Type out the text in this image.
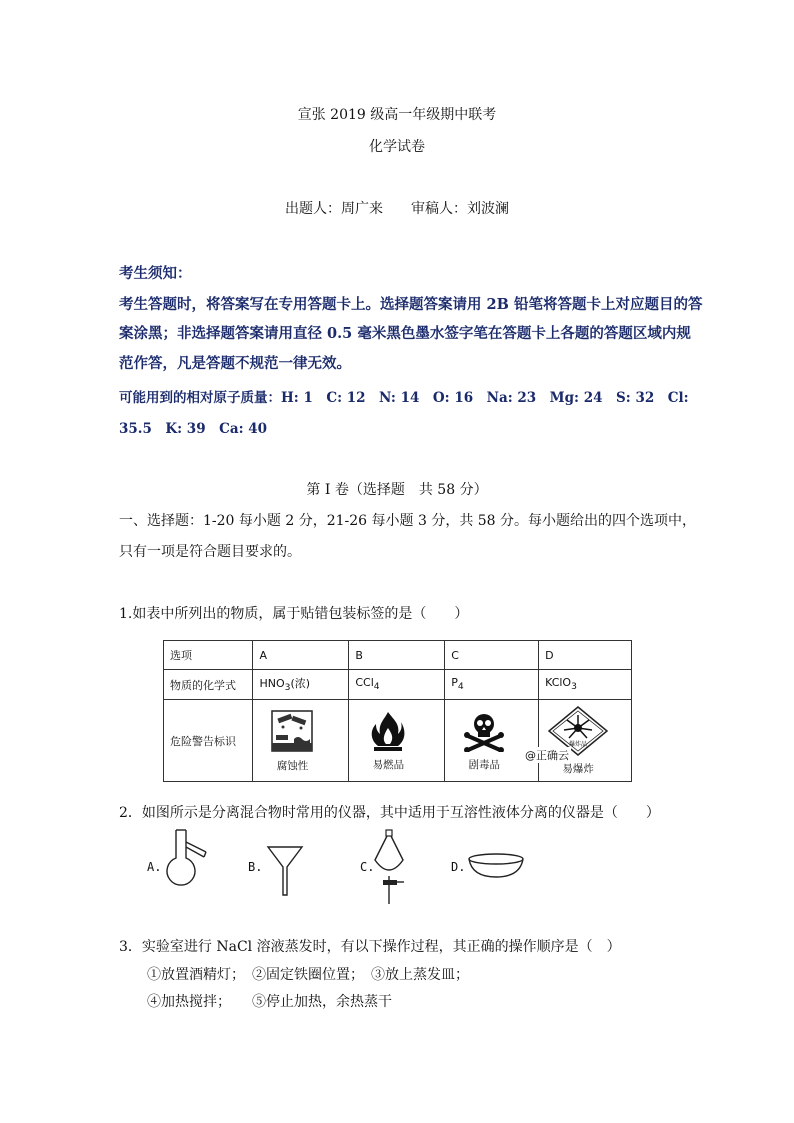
宣张 2019 级高一年级期中联考
化学试卷
出题人：周广来　　审稿人：刘波澜
考生须知：
考生答题时，将答案写在专用答题卡上。选择题答案请用 2B 铅笔将答题卡上对应题目的答
案涂黑；非选择题答案请用直径 0.5 毫米黑色墨水签字笔在答题卡上各题的答题区域内规
范作答，凡是答题不规范一律无效。
可能用到的相对原子质量：H: 1　C: 12　N: 14　O: 16　Na: 23　Mg: 24　S: 32　Cl:
35.5　K: 39　Ca: 40
第 I 卷（选择题　共 58 分）
一、选择题：1-20 每小题 2 分，21-26 每小题 3 分，共 58 分。每小题给出的四个选项中，
只有一项是符合题目要求的。
1.如表中所列出的物质，属于贴错包装标签的是（　　）
选项	A	B	C	D
物质的化学式	$HNO_3$(浓)	CCl$_4$	$P_4$	KClO$_3$
危险警告标识	腐蚀性	易燃品	剧毒品	爆炸品
易爆炸
@正确云
2．如图所示是分离混合物时常用的仪器，其中适用于互溶性液体分离的仪器是（　　）
A.	B.	C.	D.
3．实验室进行 NaCl 溶液蒸发时，有以下操作过程，其正确的操作顺序是（　）
①放置酒精灯；　②固定铁圈位置；　③放上蒸发皿；
④加热搅拌；　　⑤停止加热，余热蒸干
